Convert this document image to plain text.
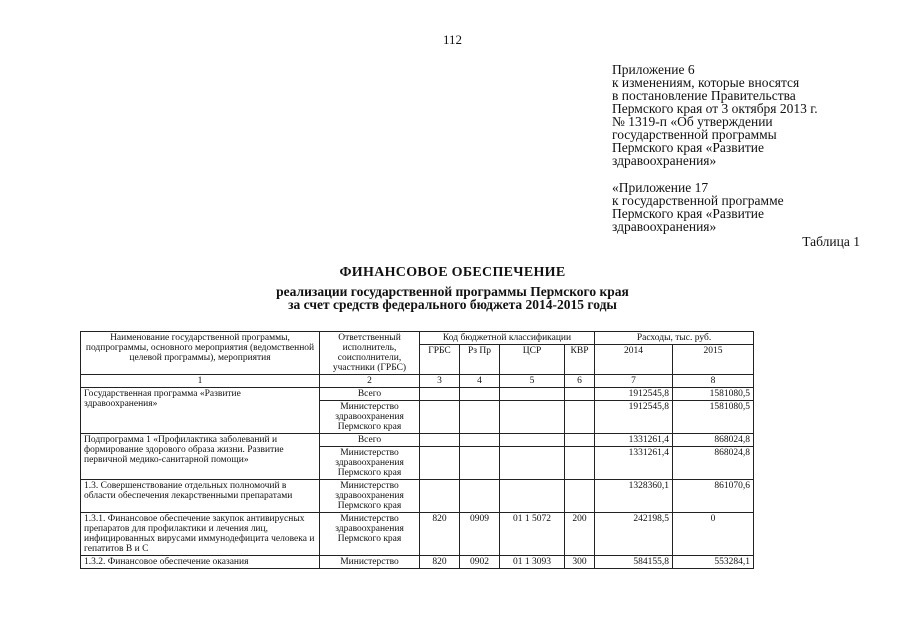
112
Приложение 6
к изменениям, которые вносятся
в постановление Правительства
Пермского края от 3 октября 2013 г.
№ 1319-п «Об утверждении
государственной программы
Пермского края «Развитие
здравоохранения»
«Приложение 17
к государственной программе
Пермского края «Развитие
здравоохранения»
Таблица 1
ФИНАНСОВОЕ ОБЕСПЕЧЕНИЕ
реализации государственной программы Пермского края
за счет средств федерального бюджета 2014-2015 годы
Наименование государственной программы, подпрограммы, основного мероприятия (ведомственной целевой программы), мероприятия	Ответственный исполнитель, соисполнители, участники (ГРБС)	Код бюджетной классификации				Расходы, тыс. руб.	
		ГРБС	Рз Пр	ЦСР	КВР	2014	2015
1	2	3	4	5	6	7	8
Государственная программа «Развитие здравоохранения»	Всего					1912545,8	1581080,5
	Министерство здравоохранения Пермского края					1912545,8	1581080,5
Подпрограмма 1 «Профилактика заболеваний и формирование здорового образа жизни. Развитие первичной медико-санитарной помощи»	Всего					1331261,4	868024,8
	Министерство здравоохранения Пермского края					1331261,4	868024,8
1.3. Совершенствование отдельных полномочий в области обеспечения лекарственными препаратами	Министерство здравоохранения Пермского края					1328360,1	861070,6
1.3.1. Финансовое обеспечение закупок антивирусных препаратов для профилактики и лечения лиц, инфицированных вирусами иммунодефицита человека и гепатитов В и С	Министерство здравоохранения Пермского края	820	0909	01 1 5072	200	242198,5	0
1.3.2. Финансовое обеспечение оказания	Министерство	820	0902	01 1 3093	300	584155,8	553284,1
